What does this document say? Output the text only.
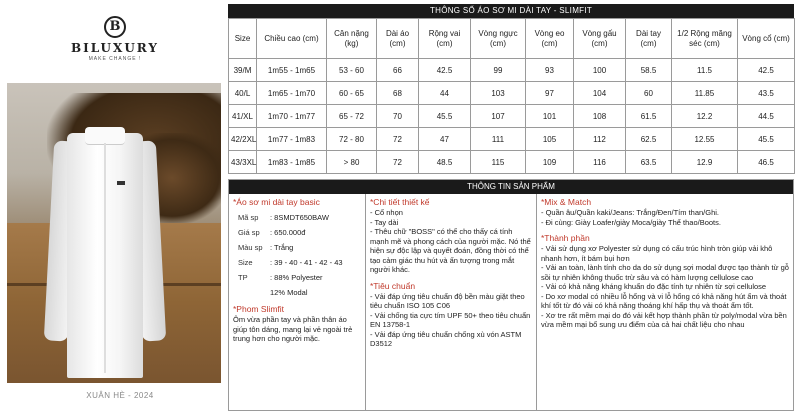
B
BILUXURY
MAKE CHANGE !
XUÂN HÈ - 2024
THÔNG SỐ ÁO SƠ MI DÀI TAY - SLIMFIT
Size	Chiều cao (cm)	Cân nặng (kg)	Dài áo (cm)	Rộng vai (cm)	Vòng ngực (cm)	Vòng eo (cm)	Vòng gấu (cm)	Dài tay (cm)	1/2 Rộng măng séc (cm)	Vòng cổ (cm)
39/M	1m55 - 1m65	53 - 60	66	42.5	99	93	100	58.5	11.5	42.5
40/L	1m65 - 1m70	60 - 65	68	44	103	97	104	60	11.85	43.5
41/XL	1m70 - 1m77	65 - 72	70	45.5	107	101	108	61.5	12.2	44.5
42/2XL	1m77 - 1m83	72 - 80	72	47	111	105	112	62.5	12.55	45.5
43/3XL	1m83 - 1m85	> 80	72	48.5	115	109	116	63.5	12.9	46.5
THÔNG TIN SẢN PHẨM
*Áo sơ mi dài tay basic
Mã sp	: 8SMDT650BAW
Giá sp	: 650.000đ
Màu sp : Trắng
Size	: 39 - 40 - 41 - 42 - 43
TP	: 88% Polyester
12% Modal
*Phom Slimfit
Ôm vừa phần tay và phần thân áo giúp tôn dáng, mang lại vẻ ngoài trẻ trung hơn cho người mặc.
*Chi tiết thiết kế
- Cổ nhọn
- Tay dài
- Thêu chữ "BOSS" có thể cho thấy cá tính mạnh mẽ và phong cách của người mặc. Nó thể hiện sự độc lập và quyết đoán, đồng thời có thể tạo cảm giác thu hút và ấn tượng trong mắt người khác.
*Tiêu chuẩn
- Vải đáp ứng tiêu chuẩn độ bền màu giặt theo tiêu chuẩn ISO 105 C06
- Vải chống tia cực tím UPF 50+ theo tiêu chuẩn EN 13758-1
- Vải đáp ứng tiêu chuẩn chống xù vón ASTM D3512
*Mix & Match
- Quần âu/Quần kaki/Jeans: Trắng/Đen/Tím than/Ghi.
- Đi cùng: Giày Loafer/giày Moca/giày Thể thao/Boots.
*Thành phần
- Vải sử dụng xơ Polyester sử dụng có cấu trúc hình tròn giúp vải khô nhanh hơn, ít bám bụi hơn
- Vải an toàn, lành tính cho da do sử dụng sợi modal được tạo thành từ gỗ sồi tự nhiên không thuốc trừ sâu và có hàm lượng cellulose cao
- Vải có khả năng kháng khuẩn do đặc tính tự nhiên từ sợi cellulose
- Do xơ modal có nhiều lỗ hổng và vi lỗ hổng có khả năng hút ẩm và thoát khí tốt từ đó vải có khả năng thoáng khí hấp thụ và thoát ẩm tốt.
- Xơ tre rất mềm mại do đó vải kết hợp thành phần từ poly/modal vừa bền vừa mềm mại bổ sung ưu điểm của cả hai chất liệu cho nhau
